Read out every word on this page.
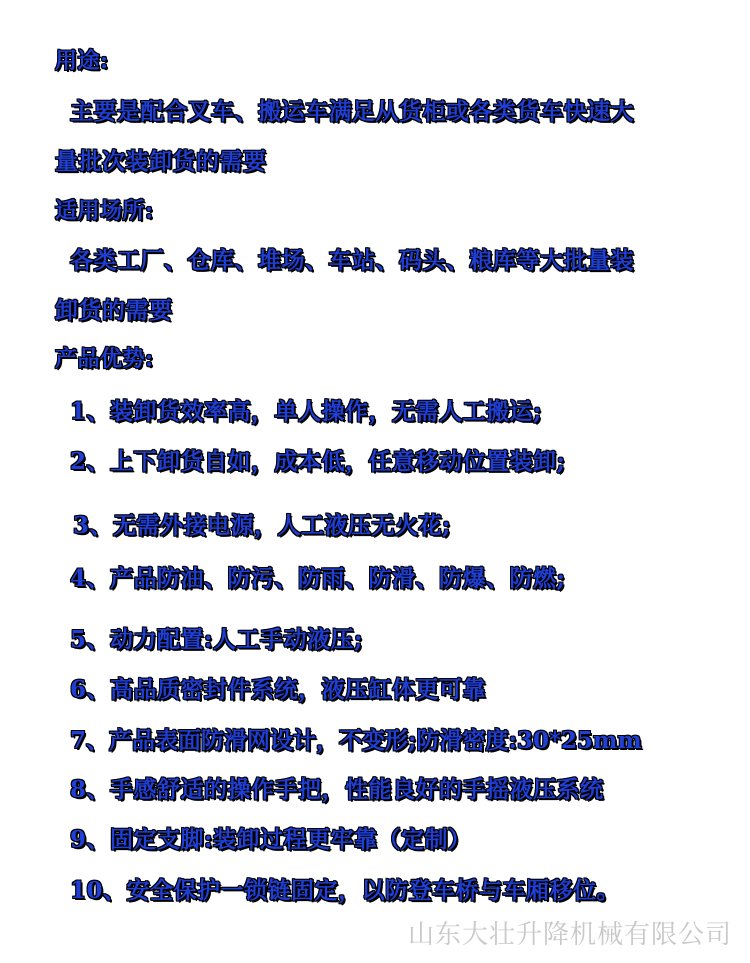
用途:
主要是配合叉车、搬运车满足从货柜或各类货车快速大
量批次装卸货的需要
适用场所:
各类工厂、仓库、堆场、车站、码头、粮库等大批量装
卸货的需要
产品优势:
1、装卸货效率高，单人操作，无需人工搬运;
2、上下卸货自如，成本低，任意移动位置装卸;
3、无需外接电源，人工液压无火花;
4、产品防油、防污、防雨、防滑、防爆、防燃;
5、动力配置:人工手动液压;
6、高品质密封件系统，液压缸体更可靠
7、产品表面防滑网设计，不变形;防滑密度:30*25mm
8、手感舒适的操作手把，性能良好的手摇液压系统
9、固定支脚:装卸过程更牢靠（定制）
10、安全保护一锁链固定，以防登车桥与车厢移位。
山东大壮升降机械有限公司
